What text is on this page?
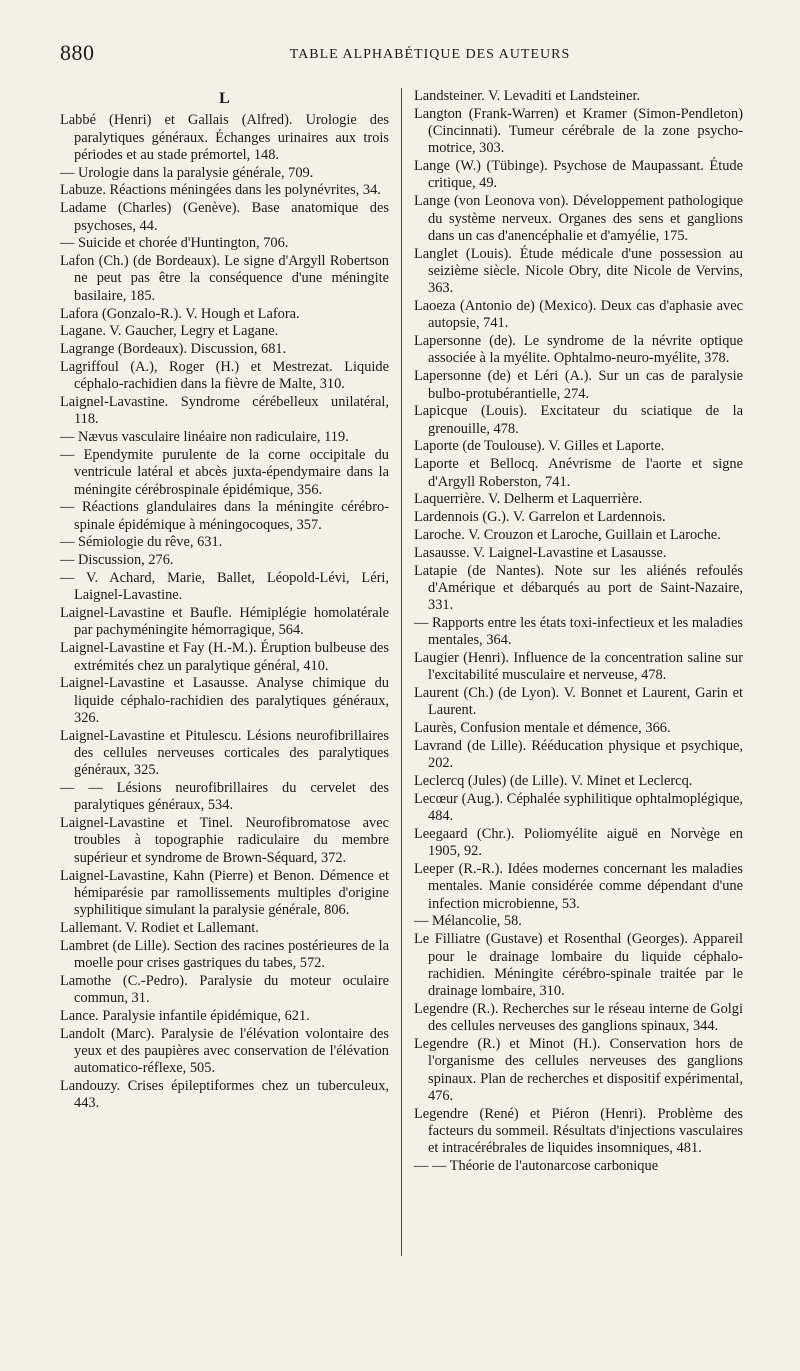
880	TABLE ALPHABÉTIQUE DES AUTEURS
L

Labbé (Henri) et Gallais (Alfred). Urologie des paralytiques généraux. Échanges urinaires aux trois périodes et au stade prémortel, 148.

— Urologie dans la paralysie générale, 709.

Labuze. Réactions méningées dans les polynévrites, 34.

Ladame (Charles) (Genève). Base anatomique des psychoses, 44.

— Suicide et chorée d'Huntington, 706.

Lafon (Ch.) (de Bordeaux). Le signe d'Argyll Robertson ne peut pas être la conséquence d'une méningite basilaire, 185.

Lafora (Gonzalo-R.). V. Hough et Lafora.

Lagane. V. Gaucher, Legry et Lagane.

Lagrange (Bordeaux). Discussion, 681.

Lagriffoul (A.), Roger (H.) et Mestrezat. Liquide céphalo-rachidien dans la fièvre de Malte, 310.

Laignel-Lavastine. Syndrome cérébelleux unilatéral, 118.

— Nævus vasculaire linéaire non radiculaire, 119.

— Ependymite purulente de la corne occipitale du ventricule latéral et abcès juxta-épendymaire dans la méningite cérébrospinale épidémique, 356.

— Réactions glandulaires dans la méningite cérébro-spinale épidémique à méningocoques, 357.

— Sémiologie du rêve, 631.

— Discussion, 276.

— V. Achard, Marie, Ballet, Léopold-Lévi, Léri, Laignel-Lavastine.

Laignel-Lavastine et Baufle. Hémiplégie homolatérale par pachyméningite hémorragique, 564.

Laignel-Lavastine et Fay (H.-M.). Éruption bulbeuse des extrémités chez un paralytique général, 410.

Laignel-Lavastine et Lasausse. Analyse chimique du liquide céphalo-rachidien des paralytiques généraux, 326.

Laignel-Lavastine et Pitulescu. Lésions neurofibrillaires des cellules nerveuses corticales des paralytiques généraux, 325.

— — Lésions neurofibrillaires du cervelet des paralytiques généraux, 534.

Laignel-Lavastine et Tinel. Neurofibromatose avec troubles à topographie radiculaire du membre supérieur et syndrome de Brown-Séquard, 372.

Laignel-Lavastine, Kahn (Pierre) et Benon. Démence et hémiparésie par ramollissements multiples d'origine syphilitique simulant la paralysie générale, 806.

Lallemant. V. Rodiet et Lallemant.

Lambret (de Lille). Section des racines postérieures de la moelle pour crises gastriques du tabes, 572.

Lamothe (C.-Pedro). Paralysie du moteur oculaire commun, 31.

Lance. Paralysie infantile épidémique, 621.

Landolt (Marc). Paralysie de l'élévation volontaire des yeux et des paupières avec conservation de l'élévation automatico-réflexe, 505.

Landouzy. Crises épileptiformes chez un tuberculeux, 443.

Landsteiner. V. Levaditi et Landsteiner.

Langton (Frank-Warren) et Kramer (Simon-Pendleton) (Cincinnati). Tumeur cérébrale de la zone psycho-motrice, 303.

Lange (W.) (Tübinge). Psychose de Maupassant. Étude critique, 49.

Lange (von Leonova von). Développement pathologique du système nerveux. Organes des sens et ganglions dans un cas d'anencéphalie et d'amyélie, 175.

Langlet (Louis). Étude médicale d'une possession au seizième siècle. Nicole Obry, dite Nicole de Vervins, 363.

Laoeza (Antonio de) (Mexico). Deux cas d'aphasie avec autopsie, 741.

Lapersonne (de). Le syndrome de la névrite optique associée à la myélite. Ophtalmo-neuro-myélite, 378.

Lapersonne (de) et Léri (A.). Sur un cas de paralysie bulbo-protubérantielle, 274.

Lapicque (Louis). Excitateur du sciatique de la grenouille, 478.

Laporte (de Toulouse). V. Gilles et Laporte.

Laporte et Bellocq. Anévrisme de l'aorte et signe d'Argyll Roberston, 741.

Laquerrière. V. Delherm et Laquerrière.

Lardennois (G.). V. Garrelon et Lardennois.

Laroche. V. Crouzon et Laroche, Guillain et Laroche.

Lasausse. V. Laignel-Lavastine et Lasausse.

Latapie (de Nantes). Note sur les aliénés refoulés d'Amérique et débarqués au port de Saint-Nazaire, 331.

— Rapports entre les états toxi-infectieux et les maladies mentales, 364.

Laugier (Henri). Influence de la concentration saline sur l'excitabilité musculaire et nerveuse, 478.

Laurent (Ch.) (de Lyon). V. Bonnet et Laurent, Garin et Laurent.

Laurès, Confusion mentale et démence, 366.

Lavrand (de Lille). Rééducation physique et psychique, 202.

Leclercq (Jules) (de Lille). V. Minet et Leclercq.

Lecœur (Aug.). Céphalée syphilitique ophtalmoplégique, 484.

Leegaard (Chr.). Poliomyélite aiguë en Norvège en 1905, 92.

Leeper (R.-R.). Idées modernes concernant les maladies mentales. Manie considérée comme dépendant d'une infection microbienne, 53.

— Mélancolie, 58.

Le Filliatre (Gustave) et Rosenthal (Georges). Appareil pour le drainage lombaire du liquide céphalo-rachidien. Méningite cérébro-spinale traitée par le drainage lombaire, 310.

Legendre (R.). Recherches sur le réseau interne de Golgi des cellules nerveuses des ganglions spinaux, 344.

Legendre (R.) et Minot (H.). Conservation hors de l'organisme des cellules nerveuses des ganglions spinaux. Plan de recherches et dispositif expérimental, 476.

Legendre (René) et Piéron (Henri). Problème des facteurs du sommeil. Résultats d'injections vasculaires et intracérébrales de liquides insomniques, 481.

— — Théorie de l'autonarcose carbonique
